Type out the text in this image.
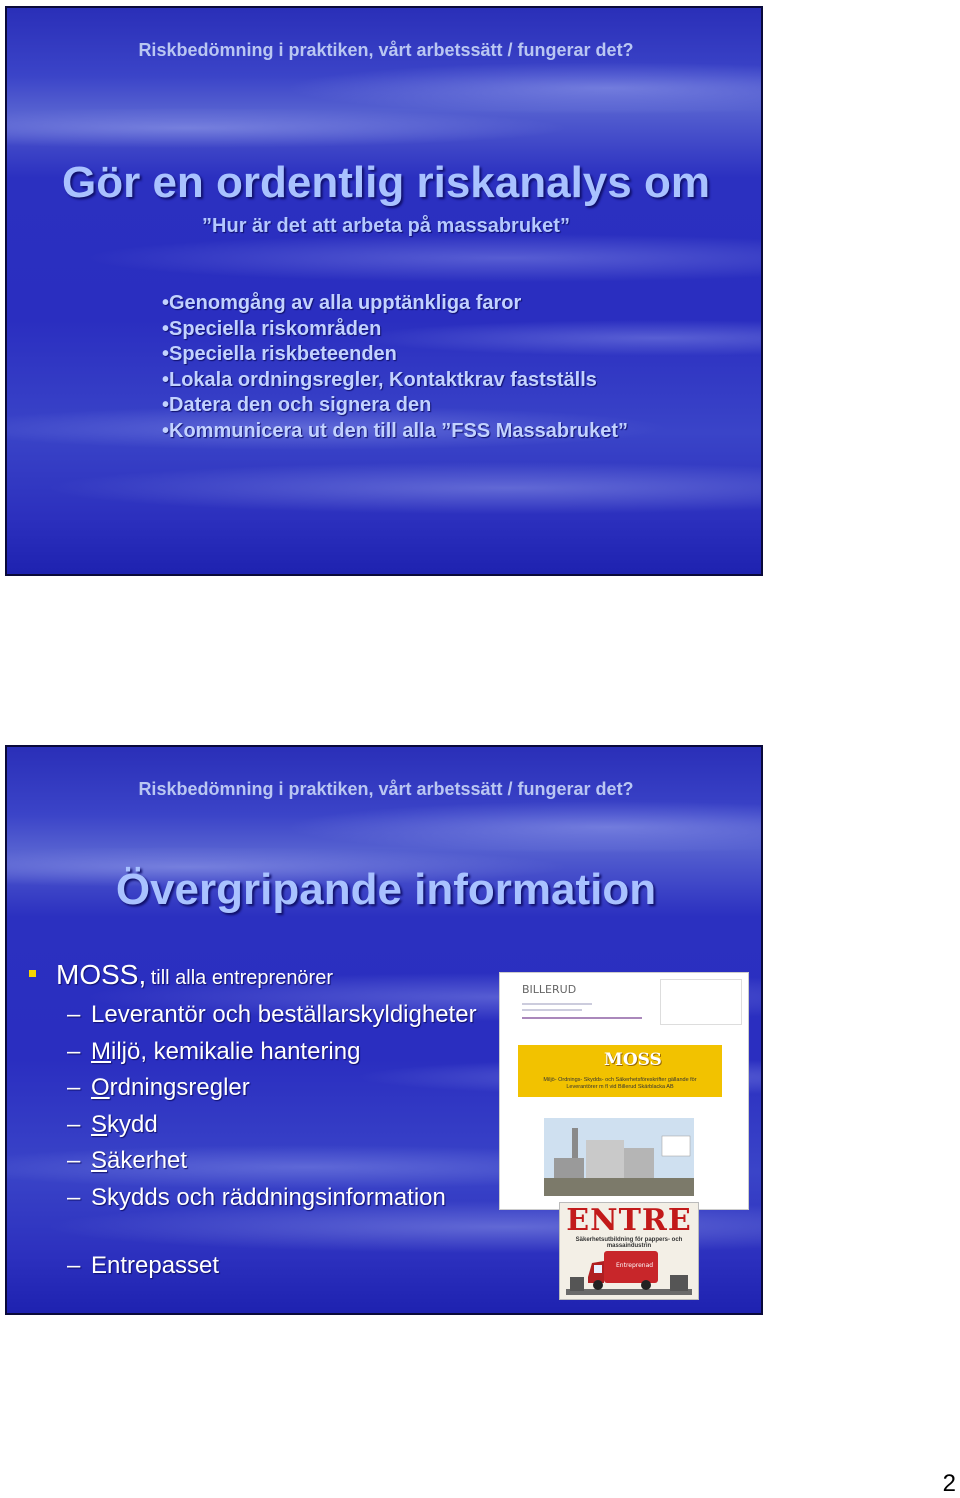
Riskbedömning i praktiken, vårt arbetssätt / fungerar det?
Gör en ordentlig riskanalys om
”Hur är det att arbeta på massabruket”
•Genomgång av alla upptänkliga faror
•Speciella riskområden
•Speciella riskbeteenden
•Lokala ordningsregler, Kontaktkrav fastställs
•Datera den och signera den
•Kommunicera ut den till alla ”FSS Massabruket”
Riskbedömning i praktiken, vårt arbetssätt / fungerar det?
Övergripande information
MOSS, till alla entreprenörer
– Leverantör och beställarskyldigheter
– Miljö, kemikalie hantering
– Ordningsregler
– Skydd
– Säkerhet
– Skydds och räddningsinformation
– Entrepasset
BILLERUD
MOSS
Miljö- Ordnings- Skydds- och Säkerhetsföreskrifter gällande för Leverantörer m fl vid Billerud Skärblacka AB
ENTRE
Säkerhetsutbildning för pappers- och massaindustrin
Entreprenad
2
